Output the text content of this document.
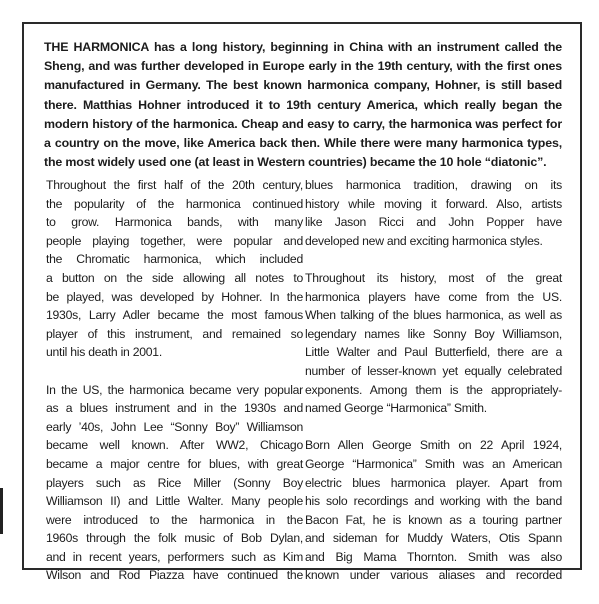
THE HARMONICA has a long history, beginning in China with an instrument called the
Sheng, and was further developed in Europe early in the 19th century, with the first ones
manufactured in Germany. The best known harmonica company, Hohner, is still based
there. Matthias Hohner introduced it to 19th century America, which really began the
modern history of the harmonica. Cheap and easy to carry, the harmonica was perfect for
a country on the move, like America back then. While there were many harmonica types,
the most widely used one (at least in Western countries) became the 10 hole “diatonic”.

Throughout the first half of the 20th century,
the popularity of the harmonica continued
to grow. Harmonica bands, with many
people playing together, were popular and
the Chromatic harmonica, which included
a button on the side allowing all notes to
be played, was developed by Hohner. In the
1930s, Larry Adler became the most famous
player of this instrument, and remained so
until his death in 2001.

In the US, the harmonica became very popular
as a blues instrument and in the 1930s and
early ’40s, John Lee “Sonny Boy” Williamson
became well known. After WW2, Chicago
became a major centre for blues, with great
players such as Rice Miller (Sonny Boy
Williamson II) and Little Walter. Many people
were introduced to the harmonica in the
1960s through the folk music of Bob Dylan,
and in recent years, performers such as Kim
Wilson and Rod Piazza have continued the

blues harmonica tradition, drawing on its
history while moving it forward. Also, artists
like Jason Ricci and John Popper have
developed new and exciting harmonica styles.

Throughout its history, most of the great
harmonica players have come from the US.
When talking of the blues harmonica, as well as
legendary names like Sonny Boy Williamson,
Little Walter and Paul Butterfield, there are a
number of lesser-known yet equally celebrated
exponents. Among them is the appropriately-
named George “Harmonica” Smith.

Born Allen George Smith on 22 April 1924,
George “Harmonica” Smith was an American
electric blues harmonica player. Apart from
his solo recordings and working with the band
Bacon Fat, he is known as a touring partner
and sideman for Muddy Waters, Otis Spann
and Big Mama Thornton. Smith was also
known under various aliases and recorded
